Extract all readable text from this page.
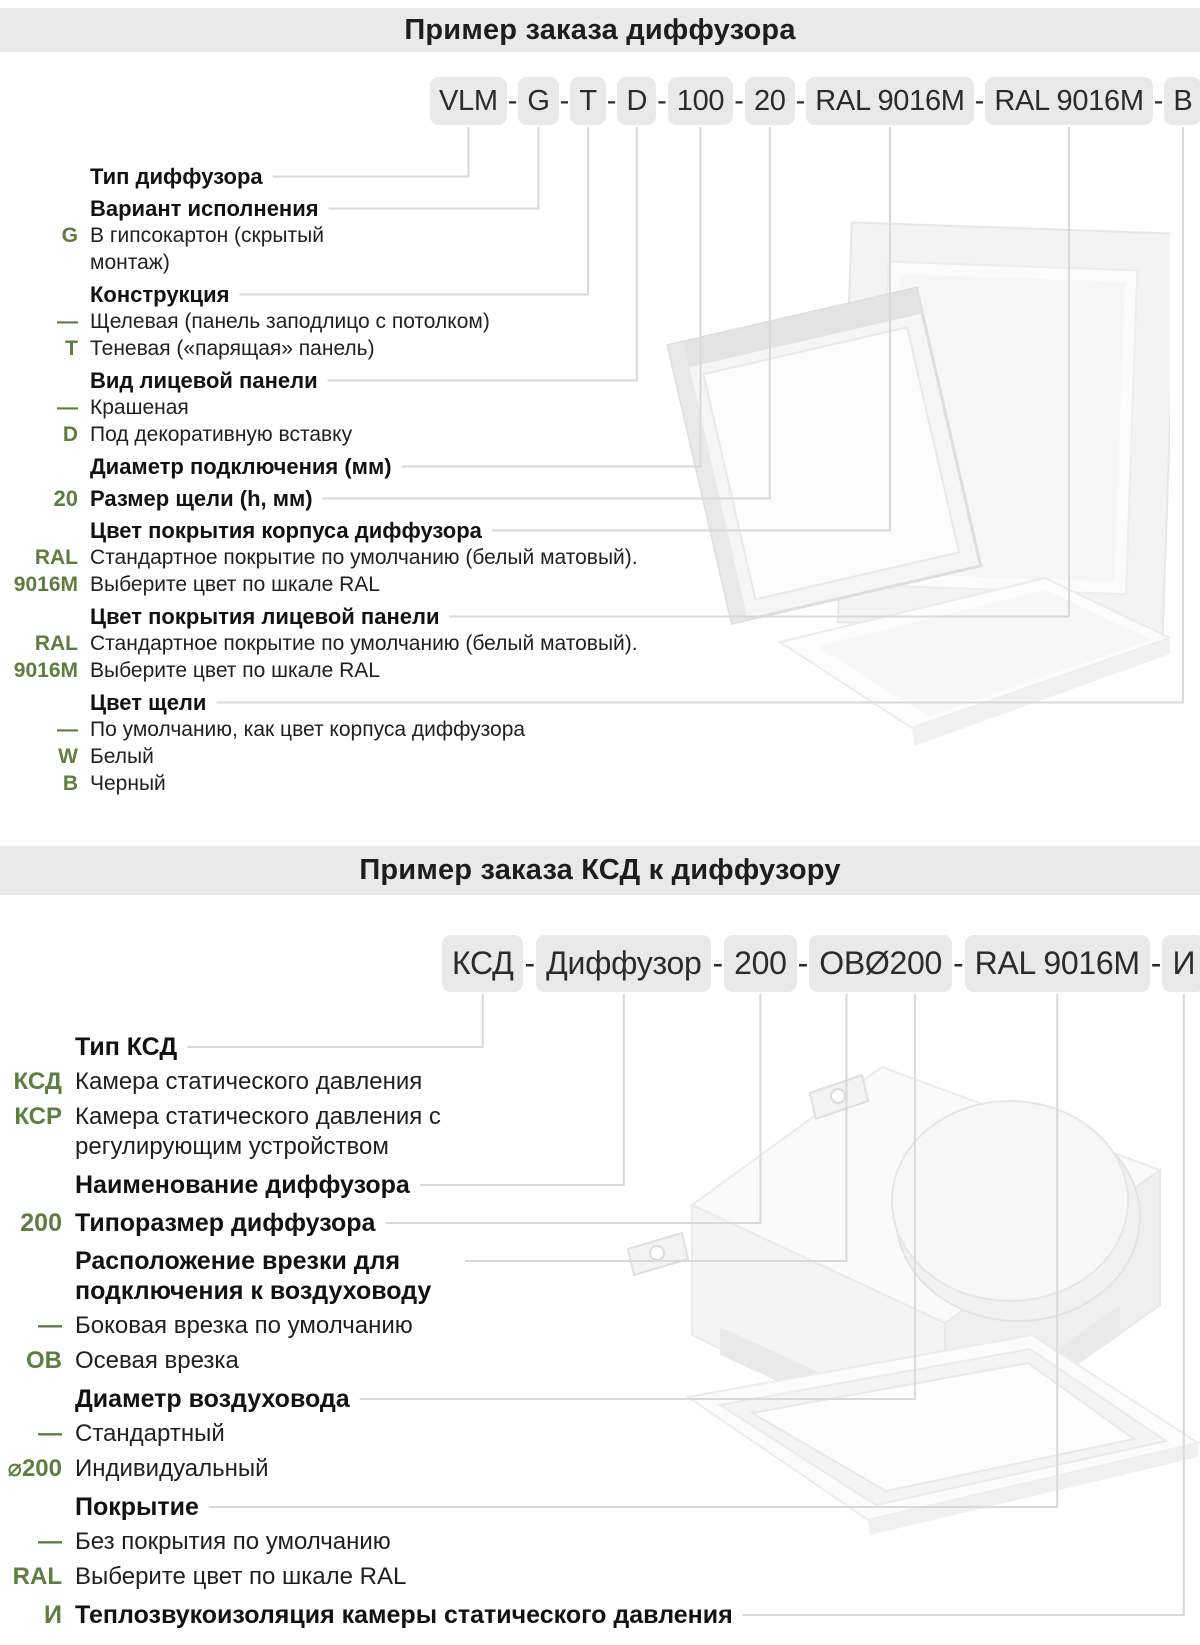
Пример заказа диффузора
VLM - G - T - D - 100 - 20 - RAL 9016M - RAL 9016M - B
Тип диффузора
Вариант исполнения
G В гипсокартон (скрытый монтаж)
Конструкция
— Щелевая (панель заподлицо с потолком)
T Теневая («парящая» панель)
Вид лицевой панели
— Крашеная
D Под декоративную вставку
Диаметр подключения (мм)
20 Размер щели (h, мм)
Цвет покрытия корпуса диффузора
RAL 9016M
Стандартное покрытие по умолчанию (белый матовый). Выберите цвет по шкале RAL
Цвет покрытия лицевой панели
RAL 9016M
Стандартное покрытие по умолчанию (белый матовый). Выберите цвет по шкале RAL
Цвет щели
— По умолчанию, как цвет корпуса диффузора
W Белый
B Черный
Пример заказа КСД к диффузору
КСД - Диффузор - 200 - ОВØ200 - RAL 9016M - И
Тип КСД
КСД Камера статического давления
КСР Камера статического давления с регулирующим устройством
Наименование диффузора
200 Типоразмер диффузора
Расположение врезки для подключения к воздуховоду
— Боковая врезка по умолчанию
ОВ Осевая врезка
Диаметр воздуховода
— Стандартный
⌀200 Индивидуальный
Покрытие
— Без покрытия по умолчанию
RAL Выберите цвет по шкале RAL
И Теплозвукоизоляция камеры статического давления
